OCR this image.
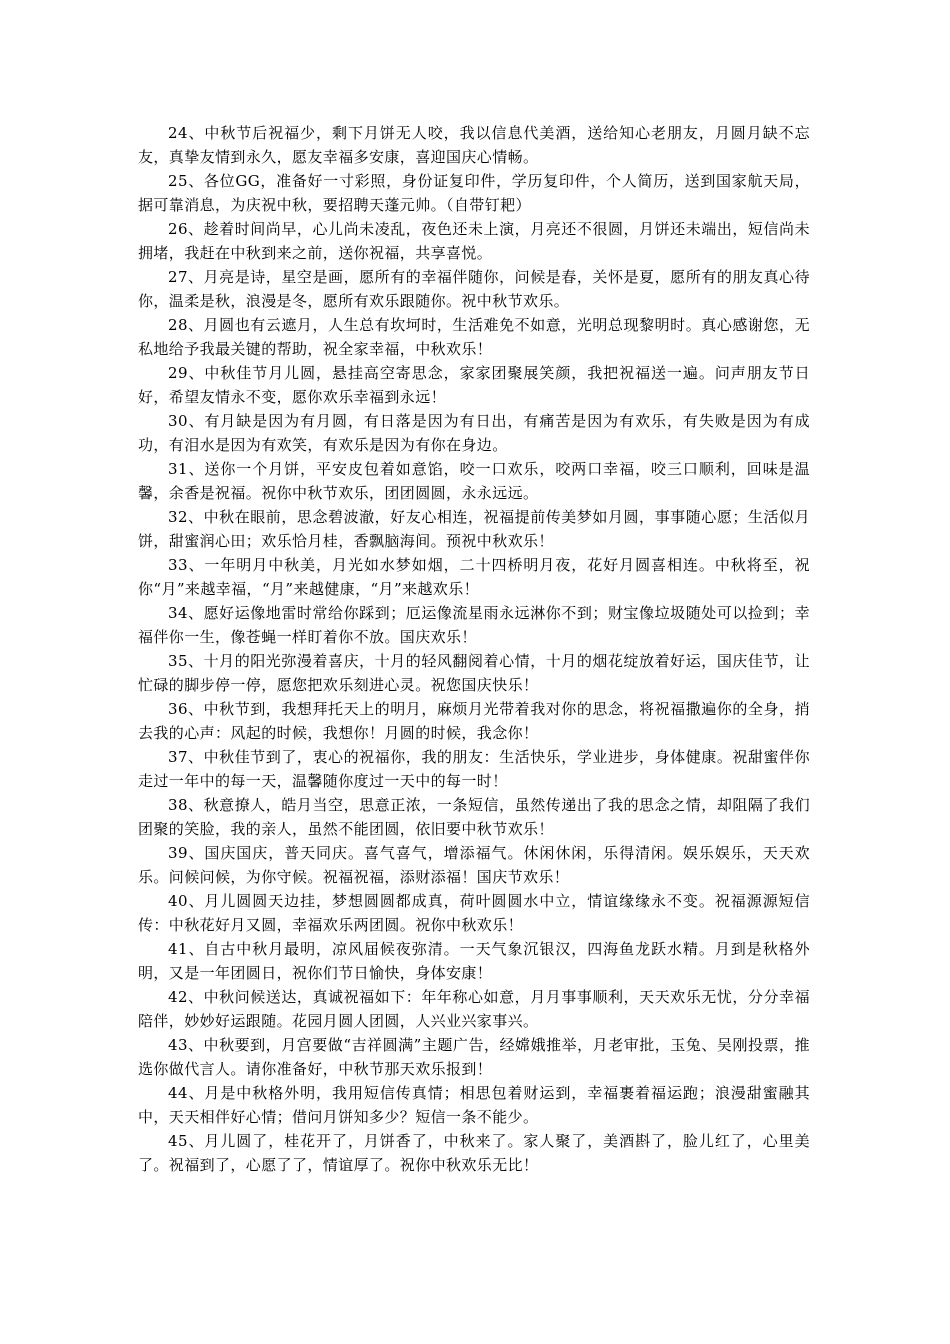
24、中秋节后祝福少，剩下月饼无人咬，我以信息代美酒，送给知心老朋友，月圆月缺不忘友，真挚友情到永久，愿友幸福多安康，喜迎国庆心情畅。

25、各位GG，准备好一寸彩照，身份证复印件，学历复印件，个人简历，送到国家航天局，据可靠消息，为庆祝中秋，要招聘天蓬元帅。（自带钉耙）

26、趁着时间尚早，心儿尚未凌乱，夜色还未上演，月亮还不很圆，月饼还未端出，短信尚未拥堵，我赶在中秋到来之前，送你祝福，共享喜悦。

27、月亮是诗，星空是画，愿所有的幸福伴随你，问候是春，关怀是夏，愿所有的朋友真心待你，温柔是秋，浪漫是冬，愿所有欢乐跟随你。祝中秋节欢乐。

28、月圆也有云遮月，人生总有坎坷时，生活难免不如意，光明总现黎明时。真心感谢您，无私地给予我最关键的帮助，祝全家幸福，中秋欢乐！

29、中秋佳节月儿圆，悬挂高空寄思念，家家团聚展笑颜，我把祝福送一遍。问声朋友节日好，希望友情永不变，愿你欢乐幸福到永远！

30、有月缺是因为有月圆，有日落是因为有日出，有痛苦是因为有欢乐，有失败是因为有成功，有泪水是因为有欢笑，有欢乐是因为有你在身边。

31、送你一个月饼，平安皮包着如意馅，咬一口欢乐，咬两口幸福，咬三口顺利，回味是温馨，余香是祝福。祝你中秋节欢乐，团团圆圆，永永远远。

32、中秋在眼前，思念碧波澈，好友心相连，祝福提前传美梦如月圆，事事随心愿；生活似月饼，甜蜜润心田；欢乐恰月桂，香飘脑海间。预祝中秋欢乐！

33、一年明月中秋美，月光如水梦如烟，二十四桥明月夜，花好月圆喜相连。中秋将至，祝你“月”来越幸福，“月”来越健康，“月”来越欢乐！

34、愿好运像地雷时常给你踩到；厄运像流星雨永远淋你不到；财宝像垃圾随处可以捡到；幸福伴你一生，像苍蝇一样盯着你不放。国庆欢乐！

35、十月的阳光弥漫着喜庆，十月的轻风翻阅着心情，十月的烟花绽放着好运，国庆佳节，让忙碌的脚步停一停，愿您把欢乐刻进心灵。祝您国庆快乐！

36、中秋节到，我想拜托天上的明月，麻烦月光带着我对你的思念，将祝福撒遍你的全身，捎去我的心声：风起的时候，我想你！月圆的时候，我念你！

37、中秋佳节到了，衷心的祝福你，我的朋友：生活快乐，学业进步，身体健康。祝甜蜜伴你走过一年中的每一天，温馨随你度过一天中的每一时！

38、秋意撩人，皓月当空，思意正浓，一条短信，虽然传递出了我的思念之情，却阻隔了我们团聚的笑脸，我的亲人，虽然不能团圆，依旧要中秋节欢乐！

39、国庆国庆，普天同庆。喜气喜气，增添福气。休闲休闲，乐得清闲。娱乐娱乐，天天欢乐。问候问候，为你守候。祝福祝福，添财添福！国庆节欢乐！

40、月儿圆圆天边挂，梦想圆圆都成真，荷叶圆圆水中立，情谊缘缘永不变。祝福源源短信传：中秋花好月又圆，幸福欢乐两团圆。祝你中秋欢乐！

41、自古中秋月最明，凉风届候夜弥清。一天气象沉银汉，四海鱼龙跃水精。月到是秋格外明，又是一年团圆日，祝你们节日愉快，身体安康！

42、中秋问候送达，真诚祝福如下：年年称心如意，月月事事顺利，天天欢乐无忧，分分幸福陪伴，妙妙好运跟随。花园月圆人团圆，人兴业兴家事兴。

43、中秋要到，月宫要做“吉祥圆满”主题广告，经嫦娥推举，月老审批，玉兔、吴刚投票，推选你做代言人。请你准备好，中秋节那天欢乐报到！

44、月是中秋格外明，我用短信传真情；相思包着财运到，幸福裹着福运跑；浪漫甜蜜融其中，天天相伴好心情；借问月饼知多少？短信一条不能少。

45、月儿圆了，桂花开了，月饼香了，中秋来了。家人聚了，美酒斟了，脸儿红了，心里美了。祝福到了，心愿了了，情谊厚了。祝你中秋欢乐无比！
